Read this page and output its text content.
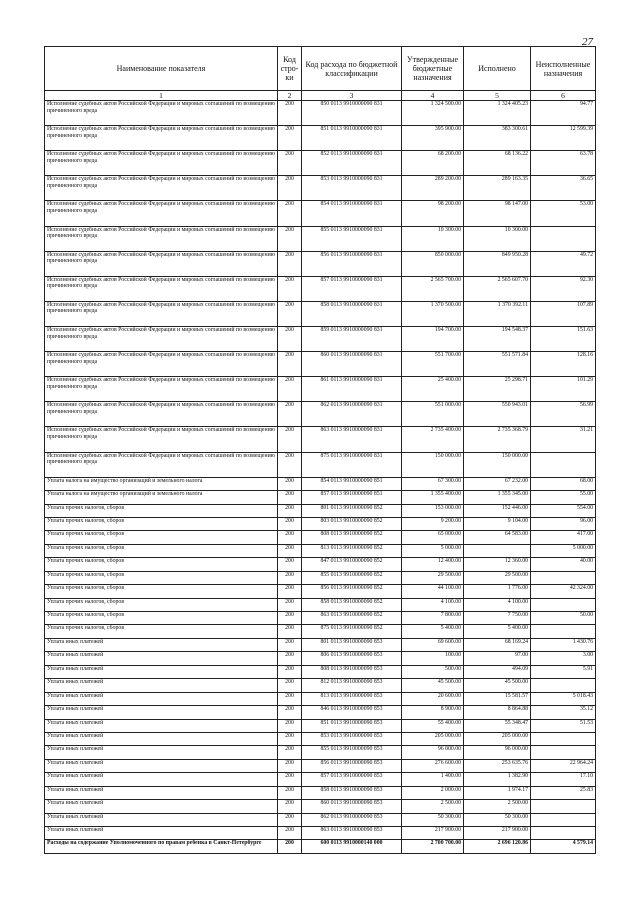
27
Наименование показателя	Код стро-ки	Код расхода по бюджетной классификации	Утвержденные бюджетные назначения	Исполнено	Неисполненные назначения
1	2	3	4	5	6
Исполнение судебных актов Российской Федерации и мировых соглашений по возмещению причиненного вреда	200	850 0113 9910000090 831	1 324 500.00	1 324 405.23	94.77
Исполнение судебных актов Российской Федерации и мировых соглашений по возмещению причиненного вреда	200	851 0113 9910000090 831	395 900.00	383 300.61	12 599.39
Исполнение судебных актов Российской Федерации и мировых соглашений по возмещению причиненного вреда	200	852 0113 9910000090 831	68 200.00	68 136.22	63.78
Исполнение судебных актов Российской Федерации и мировых соглашений по возмещению причиненного вреда	200	853 0113 9910000090 831	289 200.00	289 163.35	36.65
Исполнение судебных актов Российской Федерации и мировых соглашений по возмещению причиненного вреда	200	854 0113 9910000090 831	98 200.00	98 147.00	53.00
Исполнение судебных актов Российской Федерации и мировых соглашений по возмещению причиненного вреда	200	855 0113 9910000090 831	10 300.00	10 300.00	
Исполнение судебных актов Российской Федерации и мировых соглашений по возмещению причиненного вреда	200	856 0113 9910000090 831	850 000.00	849 950.28	49.72
Исполнение судебных актов Российской Федерации и мировых соглашений по возмещению причиненного вреда	200	857 0113 9910000090 831	2 565 700.00	2 565 607.70	92.30
Исполнение судебных актов Российской Федерации и мировых соглашений по возмещению причиненного вреда	200	858 0113 9910000090 831	1 370 500.00	1 370 392.11	107.89
Исполнение судебных актов Российской Федерации и мировых соглашений по возмещению причиненного вреда	200	859 0113 9910000090 831	194 700.00	194 548.37	151.63
Исполнение судебных актов Российской Федерации и мировых соглашений по возмещению причиненного вреда	200	860 0113 9910000090 831	551 700.00	551 571.84	128.16
Исполнение судебных актов Российской Федерации и мировых соглашений по возмещению причиненного вреда	200	861 0113 9910000090 831	25 400.00	25 298.71	101.29
Исполнение судебных актов Российской Федерации и мировых соглашений по возмещению причиненного вреда	200	862 0113 9910000090 831	551 000.00	550 943.01	56.99
Исполнение судебных актов Российской Федерации и мировых соглашений по возмещению причиненного вреда	200	863 0113 9910000090 831	2 735 400.00	2 735 368.79	31.21
Исполнение судебных актов Российской Федерации и мировых соглашений по возмещению причиненного вреда	200	875 0113 9910000090 831	150 000.00	150 000.00	
Уплата налога на имущество организаций и земельного налога	200	854 0113 9910000090 851	67 300.00	67 232.00	68.00
Уплата налога на имущество организаций и земельного налога	200	857 0113 9910000090 851	1 355 400.00	1 355 345.00	55.00
Уплата прочих налогов, сборов	200	801 0113 9910000090 852	153 000.00	152 446.00	554.00
Уплата прочих налогов, сборов	200	803 0113 9910000090 852	9 200.00	9 104.00	96.00
Уплата прочих налогов, сборов	200	808 0113 9910000090 852	65 000.00	64 583.00	417.00
Уплата прочих налогов, сборов	200	813 0113 9910000090 852	5 000.00		5 000.00
Уплата прочих налогов, сборов	200	847 0113 9910000090 852	12 400.00	12 360.00	40.00
Уплата прочих налогов, сборов	200	855 0113 9910000090 852	29 500.00	29 500.00	
Уплата прочих налогов, сборов	200	856 0113 9910000090 852	44 100.00	1 776.00	42 324.00
Уплата прочих налогов, сборов	200	858 0113 9910000090 852	4 100.00	4 100.00	
Уплата прочих налогов, сборов	200	863 0113 9910000090 852	7 800.00	7 750.00	50.00
Уплата прочих налогов, сборов	200	875 0113 9910000090 852	5 400.00	5 400.00	
Уплата иных платежей	200	801 0113 9910000090 853	69 600.00	68 169.24	1 430.76
Уплата иных платежей	200	806 0113 9910000090 853	100.00	97.00	3.00
Уплата иных платежей	200	808 0113 9910000090 853	500.00	494.09	5.91
Уплата иных платежей	200	812 0113 9910000090 853	45 500.00	45 500.00	
Уплата иных платежей	200	813 0113 9910000090 853	20 600.00	15 581.57	5 018.43
Уплата иных платежей	200	846 0113 9910000090 853	8 900.00	8 864.88	35.12
Уплата иных платежей	200	851 0113 9910000090 853	55 400.00	55 348.47	51.53
Уплата иных платежей	200	853 0113 9910000090 853	205 000.00	205 000.00	
Уплата иных платежей	200	855 0113 9910000090 853	96 000.00	96 000.00	
Уплата иных платежей	200	856 0113 9910000090 853	276 600.00	253 635.76	22 964.24
Уплата иных платежей	200	857 0113 9910000090 853	1 400.00	1 382.90	17.10
Уплата иных платежей	200	858 0113 9910000090 853	2 000.00	1 974.17	25.83
Уплата иных платежей	200	860 0113 9910000090 853	2 500.00	2 500.00	
Уплата иных платежей	200	862 0113 9910000090 853	50 300.00	50 300.00	
Уплата иных платежей	200	863 0113 9910000090 853	217 900.00	217 900.00	
Расходы на содержание Уполномоченного по правам ребенка в Санкт-Петербурге	200	600 0113 9910000140 000	2 700 700.00	2 696 120.86	4 579.14
